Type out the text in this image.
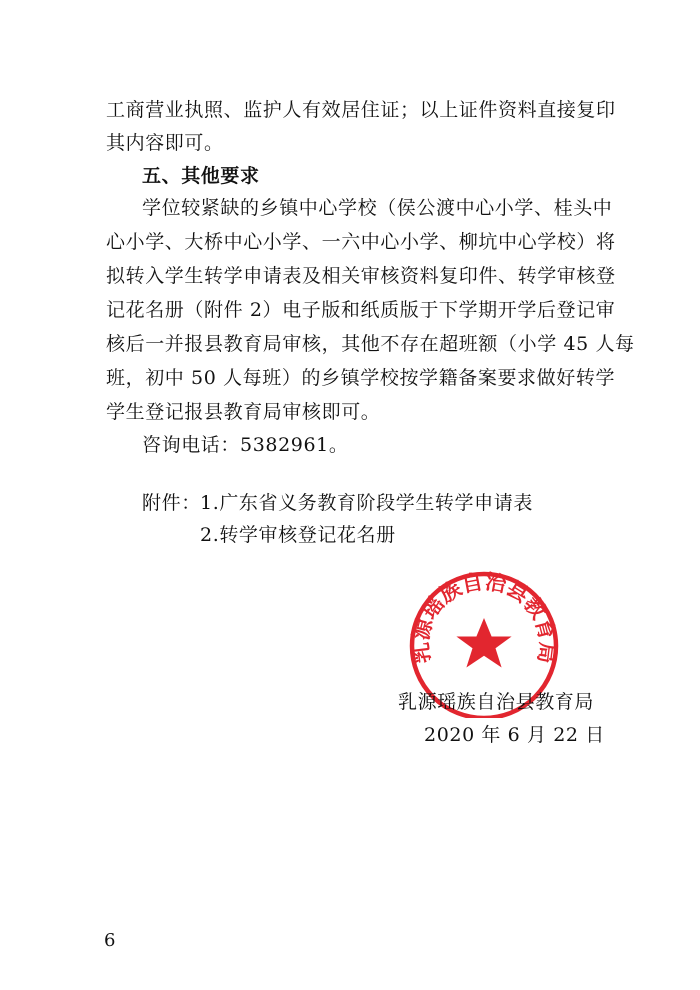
工商营业执照、监护人有效居住证；以上证件资料直接复印
其内容即可。
五、其他要求
学位较紧缺的乡镇中心学校（侯公渡中心小学、桂头中
心小学、大桥中心小学、一六中心小学、柳坑中心学校）将
拟转入学生转学申请表及相关审核资料复印件、转学审核登
记花名册（附件 2）电子版和纸质版于下学期开学后登记审
核后一并报县教育局审核，其他不存在超班额（小学 45 人每
班，初中 50 人每班）的乡镇学校按学籍备案要求做好转学
学生登记报县教育局审核即可。
咨询电话：5382961。
附件： 1.广东省义务教育阶段学生转学申请表
2.转学审核登记花名册
乳源瑶族自治县教育局
乳源瑶族自治县教育局
2020 年 6 月 22 日
6
